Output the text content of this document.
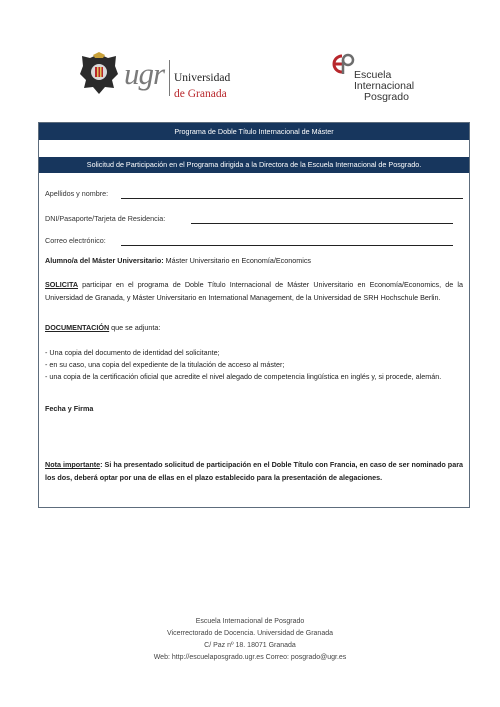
ugr Universidad
de Granada
Escuela
Internacional
Posgrado
Programa de Doble Título Internacional de Máster
Solicitud de Participación en el Programa dirigida a la Directora de la Escuela Internacional de Posgrado.
Apellidos y nombre:
DNI/Pasaporte/Tarjeta de Residencia:
Correo electrónico:
Alumno/a del Máster Universitario: Máster Universitario en Economía/Economics
SOLICITA participar en el programa de Doble Título Internacional de Máster Universitario en Economía/Economics, de la Universidad de Granada, y Máster Universitario en International Management, de la Universidad de SRH Hochschule Berlin.
DOCUMENTACIÓN que se adjunta:
- Una copia del documento de identidad del solicitante;
- en su caso, una copia del expediente de la titulación de acceso al máster;
- una copia de la certificación oficial que acredite el nivel alegado de competencia lingüística en inglés y, si procede, alemán.
Fecha y Firma
Nota importante: Si ha presentado solicitud de participación en el Doble Título con Francia, en caso de ser nominado para los dos, deberá optar por una de ellas en el plazo establecido para la presentación de alegaciones.
Escuela Internacional de Posgrado
Vicerrectorado de Docencia. Universidad de Granada
C/ Paz nº 18. 18071 Granada
Web: http://escuelaposgrado.ugr.es Correo: posgrado@ugr.es
